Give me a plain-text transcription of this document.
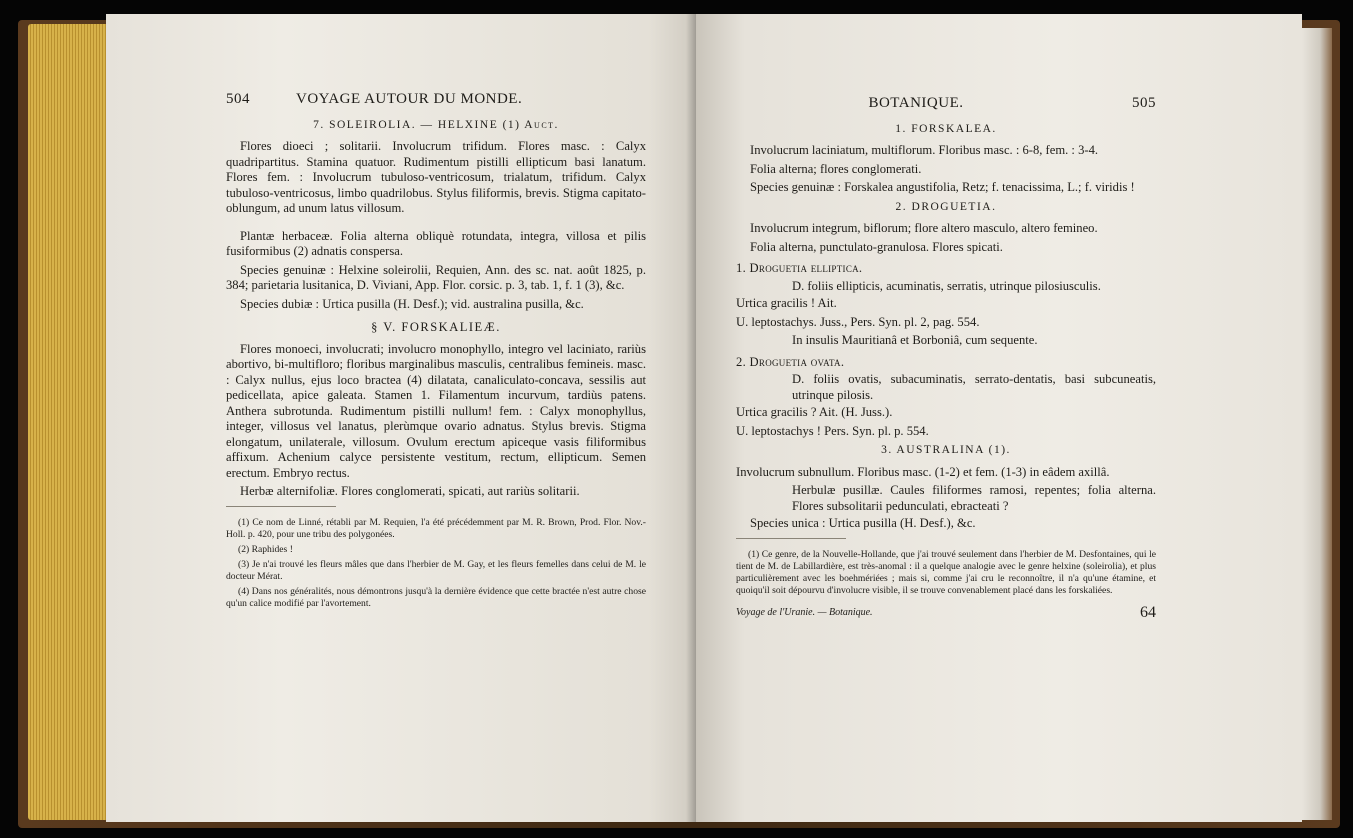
504	VOYAGE AUTOUR DU MONDE.
7. SOLEIROLIA. — HELXINE (1) Auct.

Flores dioeci ; solitarii. Involucrum trifidum. Flores masc. : Calyx quadripartitus. Stamina quatuor. Rudimentum pistilli ellipticum basi lanatum. Flores fem. : Involucrum tubuloso-ventricosum, trialatum, trifidum. Calyx tubuloso-ventricosus, limbo quadrilobus. Stylus filiformis, brevis. Stigma capitato-oblungum, ad unum latus villosum.

Plantæ herbaceæ. Folia alterna obliquè rotundata, integra, villosa et pilis fusiformibus (2) adnatis conspersa.

Species genuinæ : Helxine soleirolii, Requien, Ann. des sc. nat. août 1825, p. 384; parietaria lusitanica, D. Viviani, App. Flor. corsic. p. 3, tab. 1, f. 1 (3), &c.

Species dubiæ : Urtica pusilla (H. Desf.); vid. australina pusilla, &c.

§ V. FORSKALIEÆ.

Flores monoeci, involucrati; involucro monophyllo, integro vel laciniato, rariùs abortivo, bi-multifloro; floribus marginalibus masculis, centralibus femineis. masc. : Calyx nullus, ejus loco bractea (4) dilatata, canaliculato-concava, sessilis aut pedicellata, apice galeata. Stamen 1. Filamentum incurvum, tardiùs patens. Anthera subrotunda. Rudimentum pistilli nullum! fem. : Calyx monophyllus, integer, villosus vel lanatus, plerùmque ovario adnatus. Stylus brevis. Stigma elongatum, unilaterale, villosum. Ovulum erectum apiceque vasis filiformibus affixum. Achenium calyce persistente vestitum, rectum, ellipticum. Semen erectum. Embryo rectus.

Herbæ alternifoliæ. Flores conglomerati, spicati, aut rariùs solitarii.

(1) Ce nom de Linné, rétabli par M. Requien, l'a été précédemment par M. R. Brown, Prod. Flor. Nov.-Holl. p. 420, pour une tribu des polygonées.

(2) Raphides !

(3) Je n'ai trouvé les fleurs mâles que dans l'herbier de M. Gay, et les fleurs femelles dans celui de M. le docteur Mérat.

(4) Dans nos généralités, nous démontrons jusqu'à la dernière évidence que cette bractée n'est autre chose qu'un calice modifié par l'avortement.

BOTANIQUE.	505
1. FORSKALEA.

Involucrum laciniatum, multiflorum. Floribus masc. : 6-8, fem. : 3-4.

Folia alterna; flores conglomerati.

Species genuinæ : Forskalea angustifolia, Retz; f. tenacissima, L.; f. viridis !

2. DROGUETIA.

Involucrum integrum, biflorum; flore altero masculo, altero femineo.

Folia alterna, punctulato-granulosa. Flores spicati.

1. Droguetia elliptica.

D. foliis ellipticis, acuminatis, serratis, utrinque pilosiusculis.

Urtica gracilis ! Ait.

U. leptostachys. Juss., Pers. Syn. pl. 2, pag. 554.

In insulis Mauritianâ et Borboniâ, cum sequente.

2. Droguetia ovata.

D. foliis ovatis, subacuminatis, serrato-dentatis, basi subcuneatis, utrinque pilosis.

Urtica gracilis ? Ait. (H. Juss.).

U. leptostachys ! Pers. Syn. pl. p. 554.

3. AUSTRALINA (1).

Involucrum subnullum. Floribus masc. (1-2) et fem. (1-3) in eâdem axillâ.

Herbulæ pusillæ. Caules filiformes ramosi, repentes; folia alterna. Flores subsolitarii pedunculati, ebracteati ?

Species unica : Urtica pusilla (H. Desf.), &c.

(1) Ce genre, de la Nouvelle-Hollande, que j'ai trouvé seulement dans l'herbier de M. Desfontaines, qui le tient de M. de Labillardière, est très-anomal : il a quelque analogie avec le genre helxine (soleirolia), et plus particulièrement avec les boehmériées ; mais si, comme j'ai cru le reconnoître, il n'a qu'une étamine, et quoiqu'il soit dépourvu d'involucre visible, il se trouve convenablement placé dans les forskaliées.

Voyage de l'Uranie. — Botanique.	64
